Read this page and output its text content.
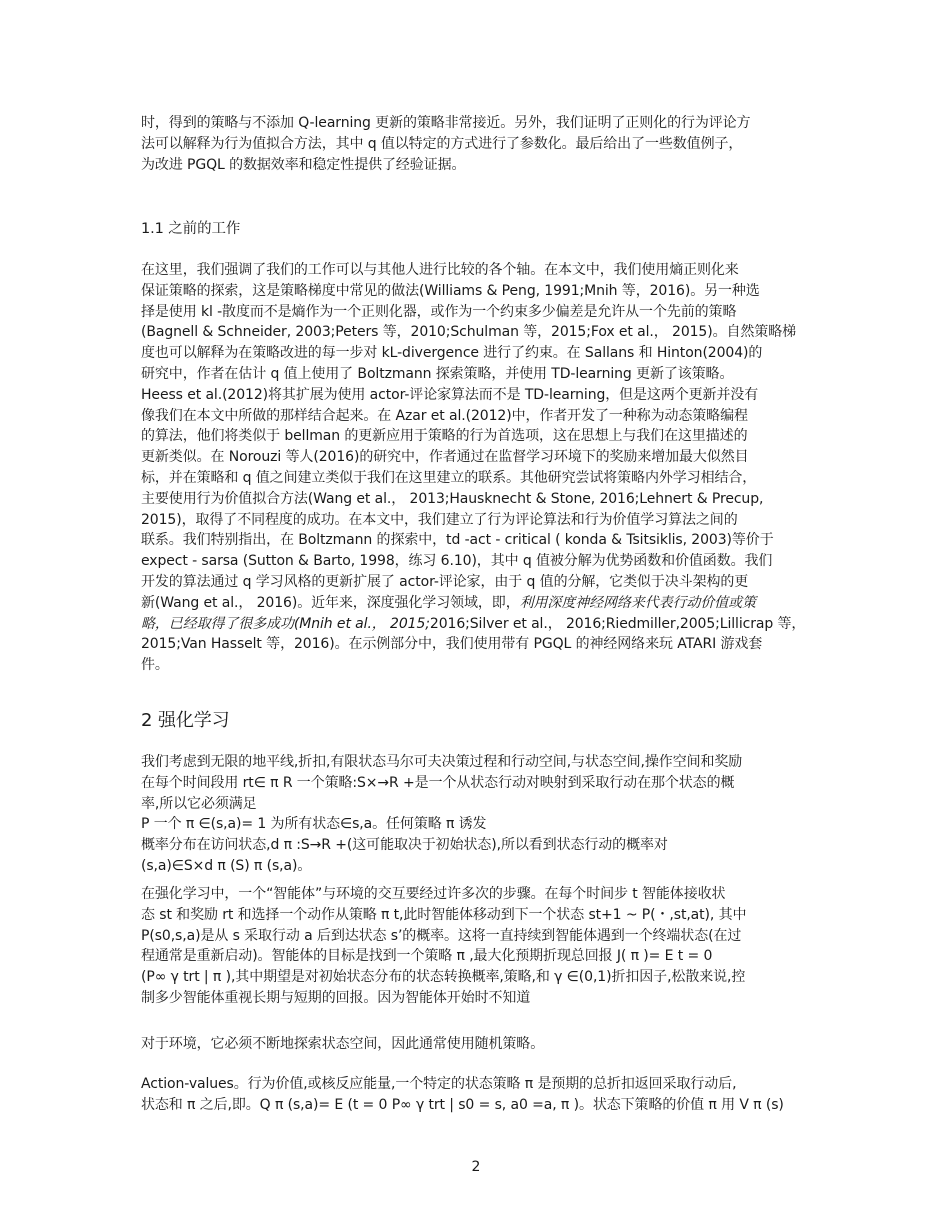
时，得到的策略与不添加 Q-learning 更新的策略非常接近。另外，我们证明了正则化的行为评论方
法可以解释为行为值拟合方法，其中 q 值以特定的方式进行了参数化。最后给出了一些数值例子，
为改进 PGQL 的数据效率和稳定性提供了经验证据。
1.1 之前的工作
在这里，我们强调了我们的工作可以与其他人进行比较的各个轴。在本文中，我们使用熵正则化来
保证策略的探索，这是策略梯度中常见的做法(Williams & Peng, 1991;Mnih 等，2016)。另一种选
择是使用 kl -散度而不是熵作为一个正则化器，或作为一个约束多少偏差是允许从一个先前的策略
(Bagnell & Schneider, 2003;Peters 等，2010;Schulman 等，2015;Fox et al.， 2015)。自然策略梯
度也可以解释为在策略改进的每一步对 kL-divergence 进行了约束。在 Sallans 和 Hinton(2004)的
研究中，作者在估计 q 值上使用了 Boltzmann 探索策略，并使用 TD-learning 更新了该策略。
Heess et al.(2012)将其扩展为使用 actor-评论家算法而不是 TD-learning，但是这两个更新并没有
像我们在本文中所做的那样结合起来。在 Azar et al.(2012)中，作者开发了一种称为动态策略编程
的算法，他们将类似于 bellman 的更新应用于策略的行为首选项，这在思想上与我们在这里描述的
更新类似。在 Norouzi 等人(2016)的研究中，作者通过在监督学习环境下的奖励来增加最大似然目
标，并在策略和 q 值之间建立类似于我们在这里建立的联系。其他研究尝试将策略内外学习相结合，
主要使用行为价值拟合方法(Wang et al.， 2013;Hausknecht & Stone, 2016;Lehnert & Precup,
2015)，取得了不同程度的成功。在本文中，我们建立了行为评论算法和行为价值学习算法之间的
联系。我们特别指出，在 Boltzmann 的探索中，td -act - critical ( konda & Tsitsiklis, 2003)等价于
expect - sarsa (Sutton & Barto, 1998，练习 6.10)，其中 q 值被分解为优势函数和价值函数。我们
开发的算法通过 q 学习风格的更新扩展了 actor-评论家，由于 q 值的分解，它类似于决斗架构的更
新(Wang et al.， 2016)。近年来，深度强化学习领域，即，利用深度神经网络来代表行动价值或策
略，已经取得了很多成功(Mnih et al.， 2015;2016;Silver et al.， 2016;Riedmiller,2005;Lillicrap 等，
2015;Van Hasselt 等，2016)。在示例部分中，我们使用带有 PGQL 的神经网络来玩 ATARI 游戏套
件。
2 强化学习
我们考虑到无限的地平线,折扣,有限状态马尔可夫决策过程和行动空间,与状态空间,操作空间和奖励
在每个时间段用 rt∈ π R 一个策略:S×→R +是一个从状态行动对映射到采取行动在那个状态的概
率,所以它必须满足
P 一个 π ∈(s,a)= 1 为所有状态∈s,a。任何策略 π 诱发
概率分布在访问状态,d π :S→R +(这可能取决于初始状态),所以看到状态行动的概率对
(s,a)∈S×d π (S) π (s,a)。
在强化学习中，一个“智能体”与环境的交互要经过许多次的步骤。在每个时间步 t 智能体接收状
态 st 和奖励 rt 和选择一个动作从策略 π t,此时智能体移动到下一个状态 st+1 ~ P(・,st,at), 其中
P(s0,s,a)是从 s 采取行动 a 后到达状态 s’的概率。这将一直持续到智能体遇到一个终端状态(在过
程通常是重新启动)。智能体的目标是找到一个策略 π ,最大化预期折现总回报 J( π )= E t = 0
(P∞ γ trt | π ),其中期望是对初始状态分布的状态转换概率,策略,和 γ ∈(0,1)折扣因子,松散来说,控
制多少智能体重视长期与短期的回报。因为智能体开始时不知道
对于环境，它必须不断地探索状态空间，因此通常使用随机策略。
Action-values。行为价值,或核反应能量,一个特定的状态策略 π 是预期的总折扣返回采取行动后,
状态和 π 之后,即。Q π (s,a)= E (t = 0 P∞ γ trt | s0 = s, a0 =a, π )。状态下策略的价值 π 用 V π (s)
2
